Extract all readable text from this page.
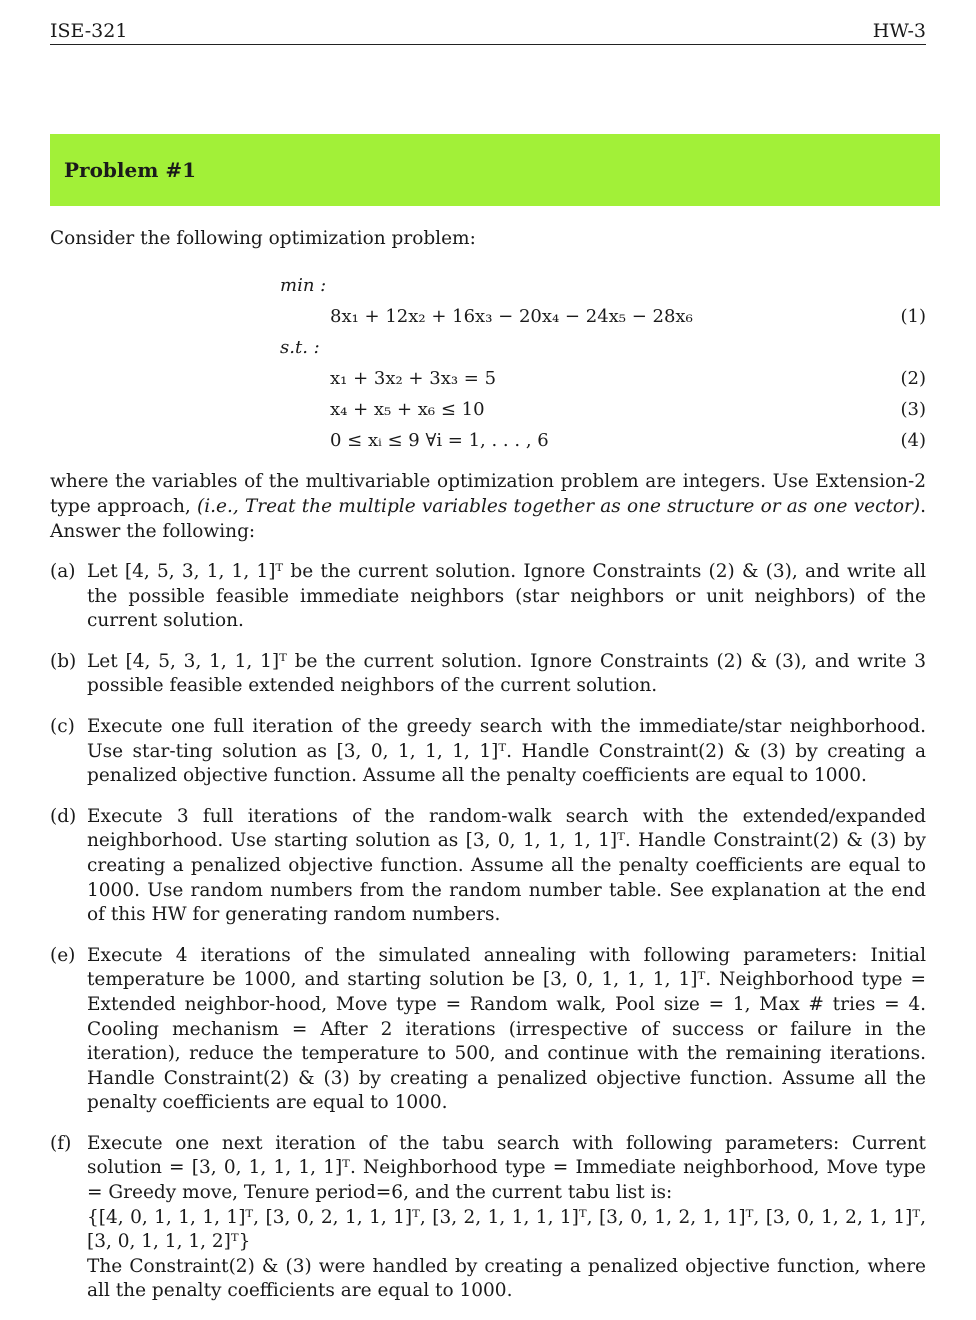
ISE-321	HW-3
Problem #1
Consider the following optimization problem:
min :
8x₁ + 12x₂ + 16x₃ − 20x₄ − 24x₅ − 28x₆	(1)
s.t. :
x₁ + 3x₂ + 3x₃ = 5	(2)
x₄ + x₅ + x₆ ≤ 10	(3)
0 ≤ xᵢ ≤ 9 ∀i = 1, . . . , 6	(4)
where the variables of the multivariable optimization problem are integers. Use Extension-2 type approach, (i.e., Treat the multiple variables together as one structure or as one vector). Answer the following:
(a) Let [4, 5, 3, 1, 1, 1]ᵀ be the current solution. Ignore Constraints (2) & (3), and write all the possible feasible immediate neighbors (star neighbors or unit neighbors) of the current solution.
(b) Let [4, 5, 3, 1, 1, 1]ᵀ be the current solution. Ignore Constraints (2) & (3), and write 3 possible feasible extended neighbors of the current solution.
(c) Execute one full iteration of the greedy search with the immediate/star neighborhood. Use star-ting solution as [3, 0, 1, 1, 1, 1]ᵀ. Handle Constraint(2) & (3) by creating a penalized objective function. Assume all the penalty coefficients are equal to 1000.
(d) Execute 3 full iterations of the random-walk search with the extended/expanded neighborhood. Use starting solution as [3, 0, 1, 1, 1, 1]ᵀ. Handle Constraint(2) & (3) by creating a penalized objective function. Assume all the penalty coefficients are equal to 1000. Use random numbers from the random number table. See explanation at the end of this HW for generating random numbers.
(e) Execute 4 iterations of the simulated annealing with following parameters: Initial temperature be 1000, and starting solution be [3, 0, 1, 1, 1, 1]ᵀ. Neighborhood type = Extended neighbor-hood, Move type = Random walk, Pool size = 1, Max # tries = 4. Cooling mechanism = After 2 iterations (irrespective of success or failure in the iteration), reduce the temperature to 500, and continue with the remaining iterations. Handle Constraint(2) & (3) by creating a penalized objective function. Assume all the penalty coefficients are equal to 1000.
(f) Execute one next iteration of the tabu search with following parameters: Current solution = [3, 0, 1, 1, 1, 1]ᵀ. Neighborhood type = Immediate neighborhood, Move type = Greedy move, Tenure period=6, and the current tabu list is:
{[4, 0, 1, 1, 1, 1]ᵀ, [3, 0, 2, 1, 1, 1]ᵀ, [3, 2, 1, 1, 1, 1]ᵀ, [3, 0, 1, 2, 1, 1]ᵀ, [3, 0, 1, 2, 1, 1]ᵀ, [3, 0, 1, 1, 1, 2]ᵀ}
The Constraint(2) & (3) were handled by creating a penalized objective function, where all the penalty coefficients are equal to 1000.
